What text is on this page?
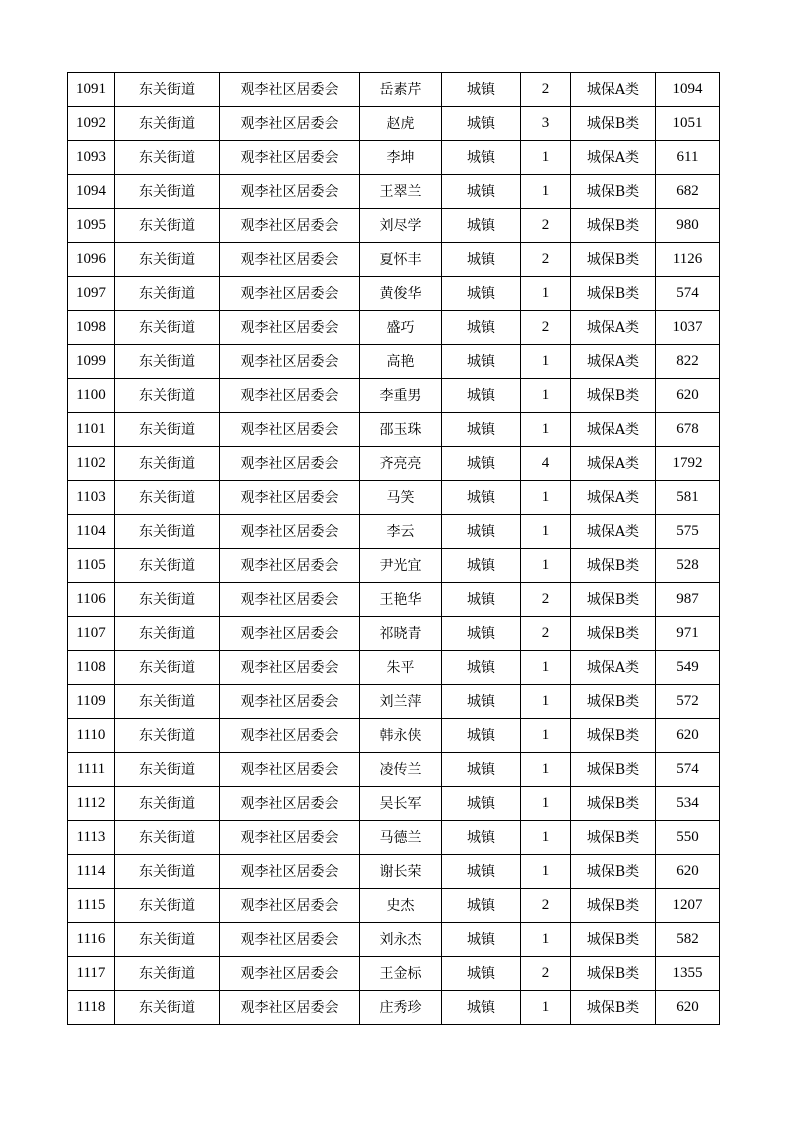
1091	东关街道	观李社区居委会	岳素芹	城镇	2	城保A类	1094
1092	东关街道	观李社区居委会	赵虎	城镇	3	城保B类	1051
1093	东关街道	观李社区居委会	李坤	城镇	1	城保A类	611
1094	东关街道	观李社区居委会	王翠兰	城镇	1	城保B类	682
1095	东关街道	观李社区居委会	刘尽学	城镇	2	城保B类	980
1096	东关街道	观李社区居委会	夏怀丰	城镇	2	城保B类	1126
1097	东关街道	观李社区居委会	黄俊华	城镇	1	城保B类	574
1098	东关街道	观李社区居委会	盛巧	城镇	2	城保A类	1037
1099	东关街道	观李社区居委会	高艳	城镇	1	城保A类	822
1100	东关街道	观李社区居委会	李重男	城镇	1	城保B类	620
1101	东关街道	观李社区居委会	邵玉珠	城镇	1	城保A类	678
1102	东关街道	观李社区居委会	齐亮亮	城镇	4	城保A类	1792
1103	东关街道	观李社区居委会	马笑	城镇	1	城保A类	581
1104	东关街道	观李社区居委会	李云	城镇	1	城保A类	575
1105	东关街道	观李社区居委会	尹光宜	城镇	1	城保B类	528
1106	东关街道	观李社区居委会	王艳华	城镇	2	城保B类	987
1107	东关街道	观李社区居委会	祁晓青	城镇	2	城保B类	971
1108	东关街道	观李社区居委会	朱平	城镇	1	城保A类	549
1109	东关街道	观李社区居委会	刘兰萍	城镇	1	城保B类	572
1110	东关街道	观李社区居委会	韩永侠	城镇	1	城保B类	620
1111	东关街道	观李社区居委会	凌传兰	城镇	1	城保B类	574
1112	东关街道	观李社区居委会	吴长军	城镇	1	城保B类	534
1113	东关街道	观李社区居委会	马德兰	城镇	1	城保B类	550
1114	东关街道	观李社区居委会	谢长荣	城镇	1	城保B类	620
1115	东关街道	观李社区居委会	史杰	城镇	2	城保B类	1207
1116	东关街道	观李社区居委会	刘永杰	城镇	1	城保B类	582
1117	东关街道	观李社区居委会	王金标	城镇	2	城保B类	1355
1118	东关街道	观李社区居委会	庄秀珍	城镇	1	城保B类	620
